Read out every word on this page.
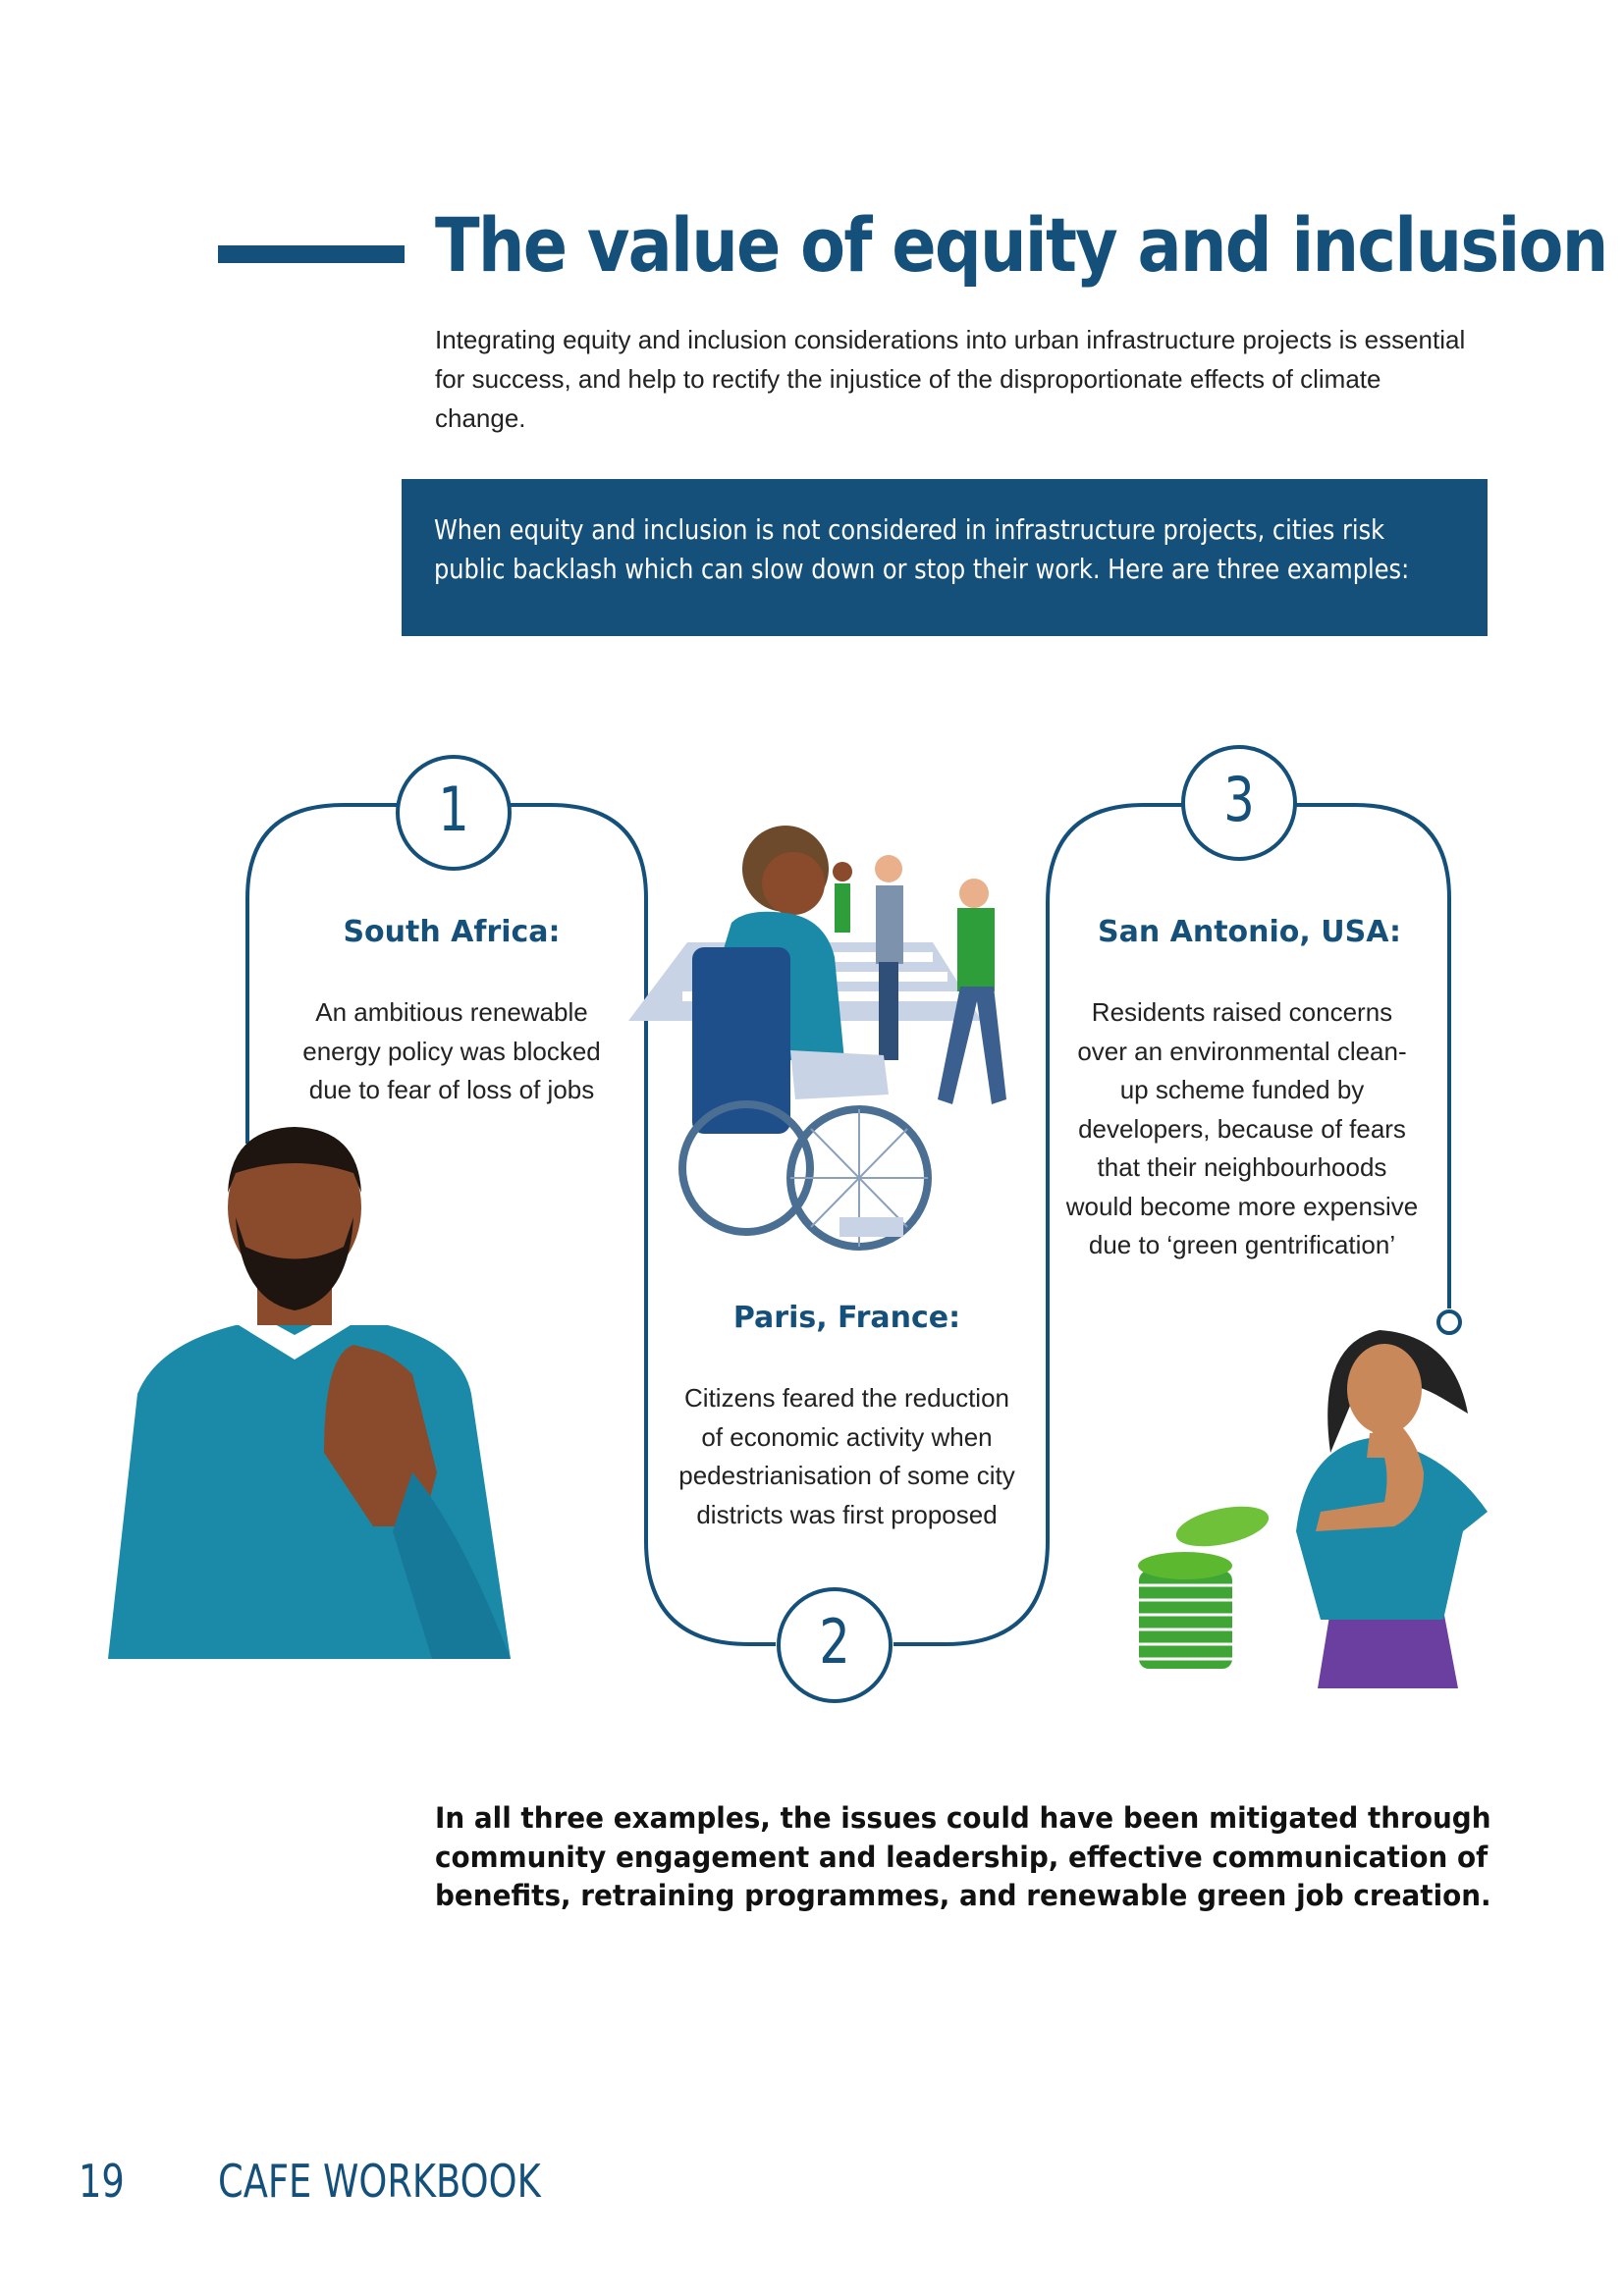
The value of equity and inclusion
Integrating equity and inclusion considerations into urban infrastructure projects is essential for success, and help to rectify the injustice of the disproportionate effects of climate change.
When equity and inclusion is not considered in infrastructure projects, cities risk public backlash which can slow down or stop their work. Here are three examples:
1
2
3
South Africa:
An ambitious renewable energy policy was blocked due to fear of loss of jobs
Paris, France:
Citizens feared the reduction of economic activity when pedestrianisation of some city districts was first proposed
San Antonio, USA:
Residents raised concerns over an environmental clean-up scheme funded by developers, because of fears that their neighbourhoods would become more expensive due to ‘green gentrification’
In all three examples, the issues could have been mitigated through community engagement and leadership, effective communication of benefits, retraining programmes, and renewable green job creation.
19 CAFE WORKBOOK
